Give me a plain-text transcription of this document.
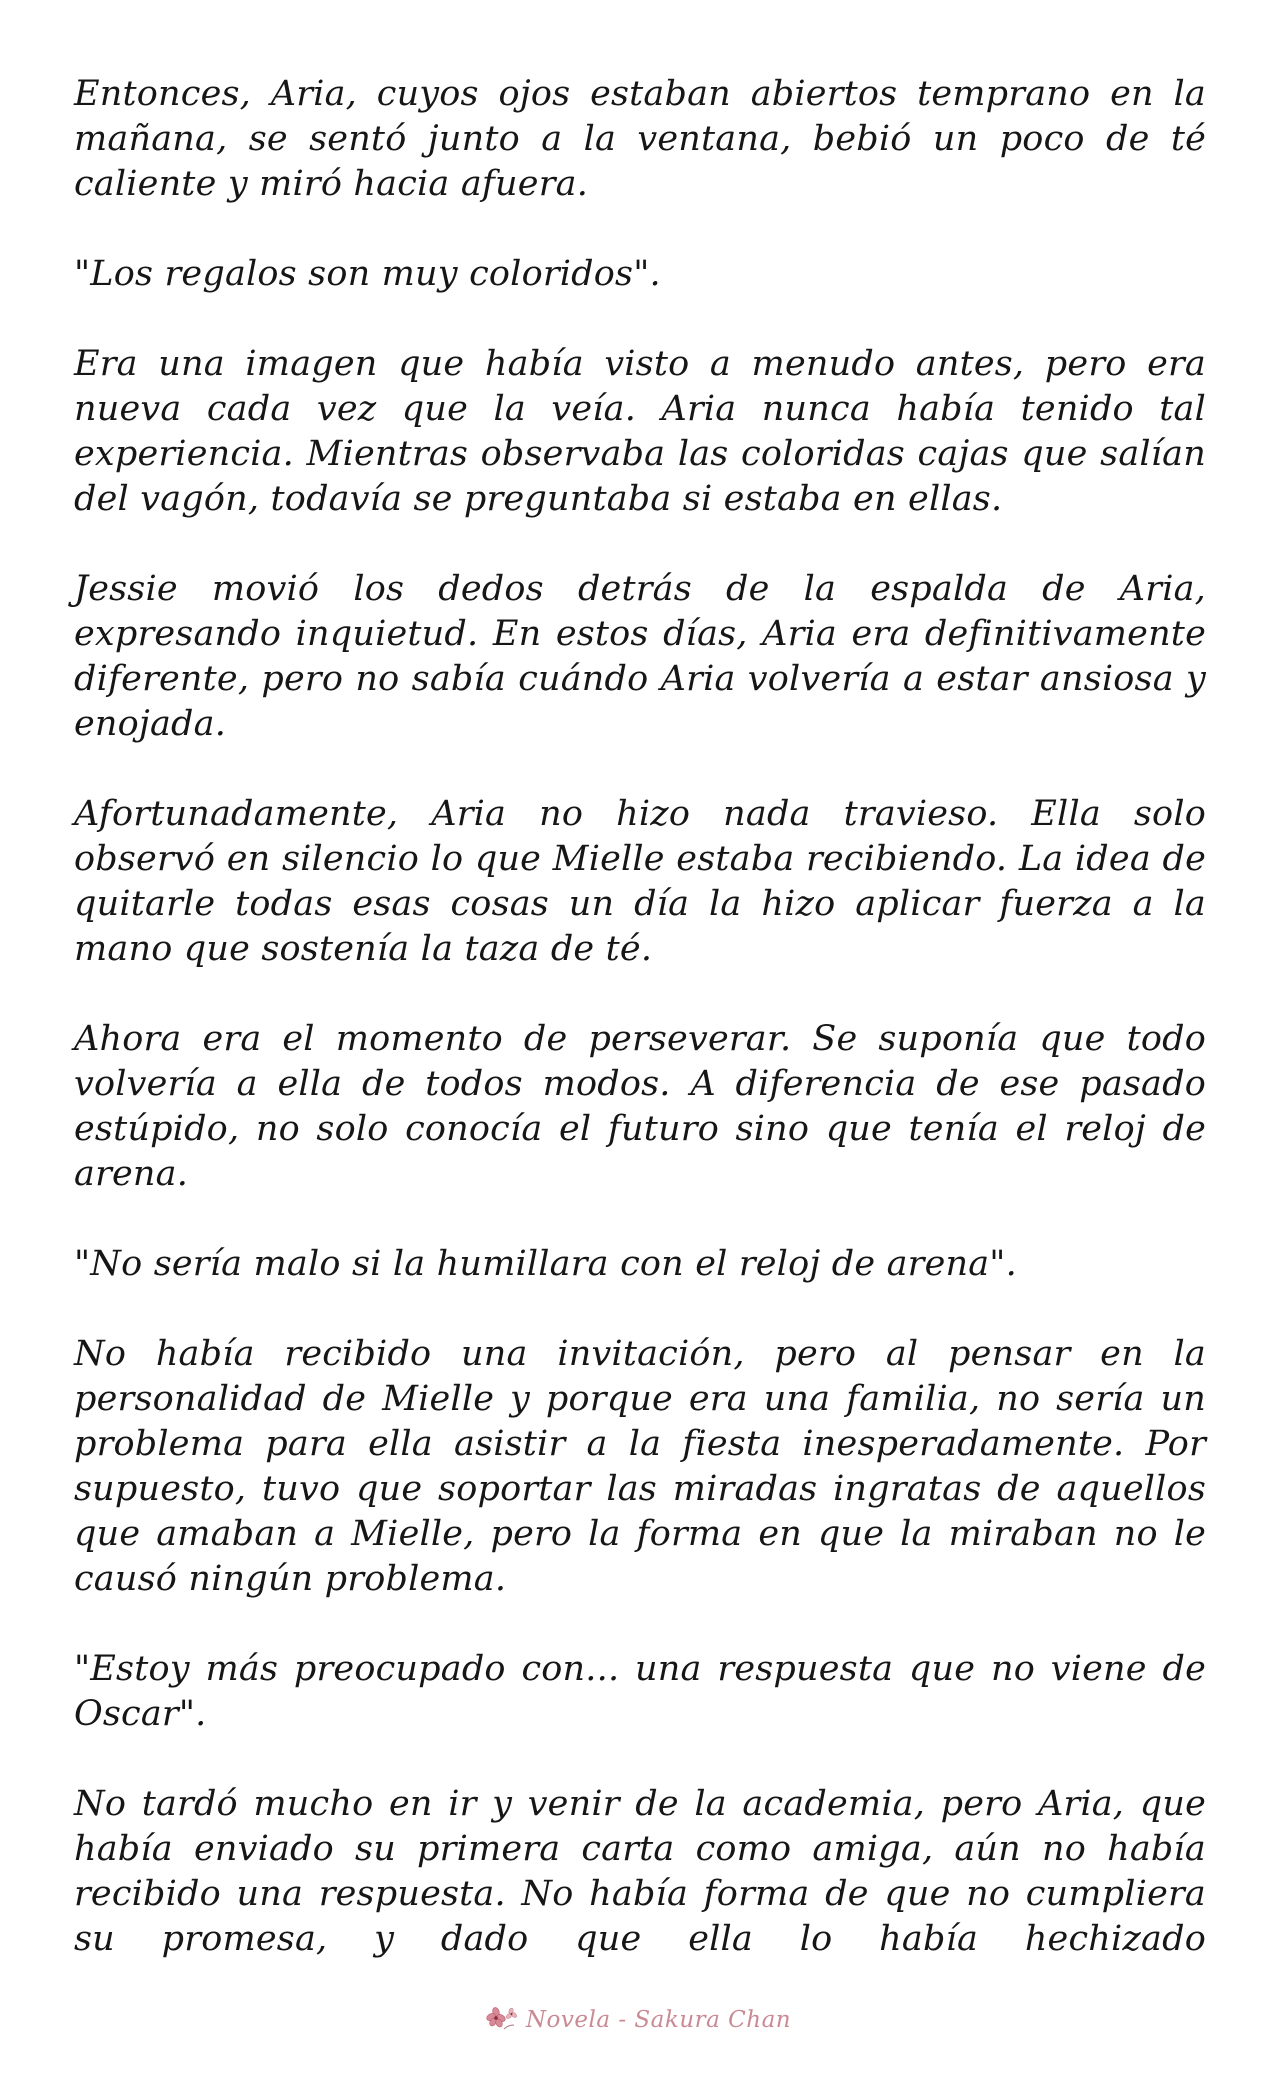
Entonces, Aria, cuyos ojos estaban abiertos temprano en la mañana, se sentó junto a la ventana, bebió un poco de té caliente y miró hacia afuera.

"Los regalos son muy coloridos".

Era una imagen que había visto a menudo antes, pero era nueva cada vez que la veía. Aria nunca había tenido tal experiencia. Mientras observaba las coloridas cajas que salían del vagón, todavía se preguntaba si estaba en ellas.

Jessie movió los dedos detrás de la espalda de Aria, expresando inquietud. En estos días, Aria era definitivamente diferente, pero no sabía cuándo Aria volvería a estar ansiosa y enojada.

Afortunadamente, Aria no hizo nada travieso. Ella solo observó en silencio lo que Mielle estaba recibiendo. La idea de quitarle todas esas cosas un día la hizo aplicar fuerza a la mano que sostenía la taza de té.

Ahora era el momento de perseverar. Se suponía que todo volvería a ella de todos modos. A diferencia de ese pasado estúpido, no solo conocía el futuro sino que tenía el reloj de arena.

"No sería malo si la humillara con el reloj de arena".

No había recibido una invitación, pero al pensar en la personalidad de Mielle y porque era una familia, no sería un problema para ella asistir a la fiesta inesperadamente. Por supuesto, tuvo que soportar las miradas ingratas de aquellos que amaban a Mielle, pero la forma en que la miraban no le causó ningún problema.

"Estoy más preocupado con... una respuesta que no viene de Oscar".

No tardó mucho en ir y venir de la academia, pero Aria, que había enviado su primera carta como amiga, aún no había recibido una respuesta. No había forma de que no cumpliera su promesa, y dado que ella lo había hechizado

Novela - Sakura Chan
